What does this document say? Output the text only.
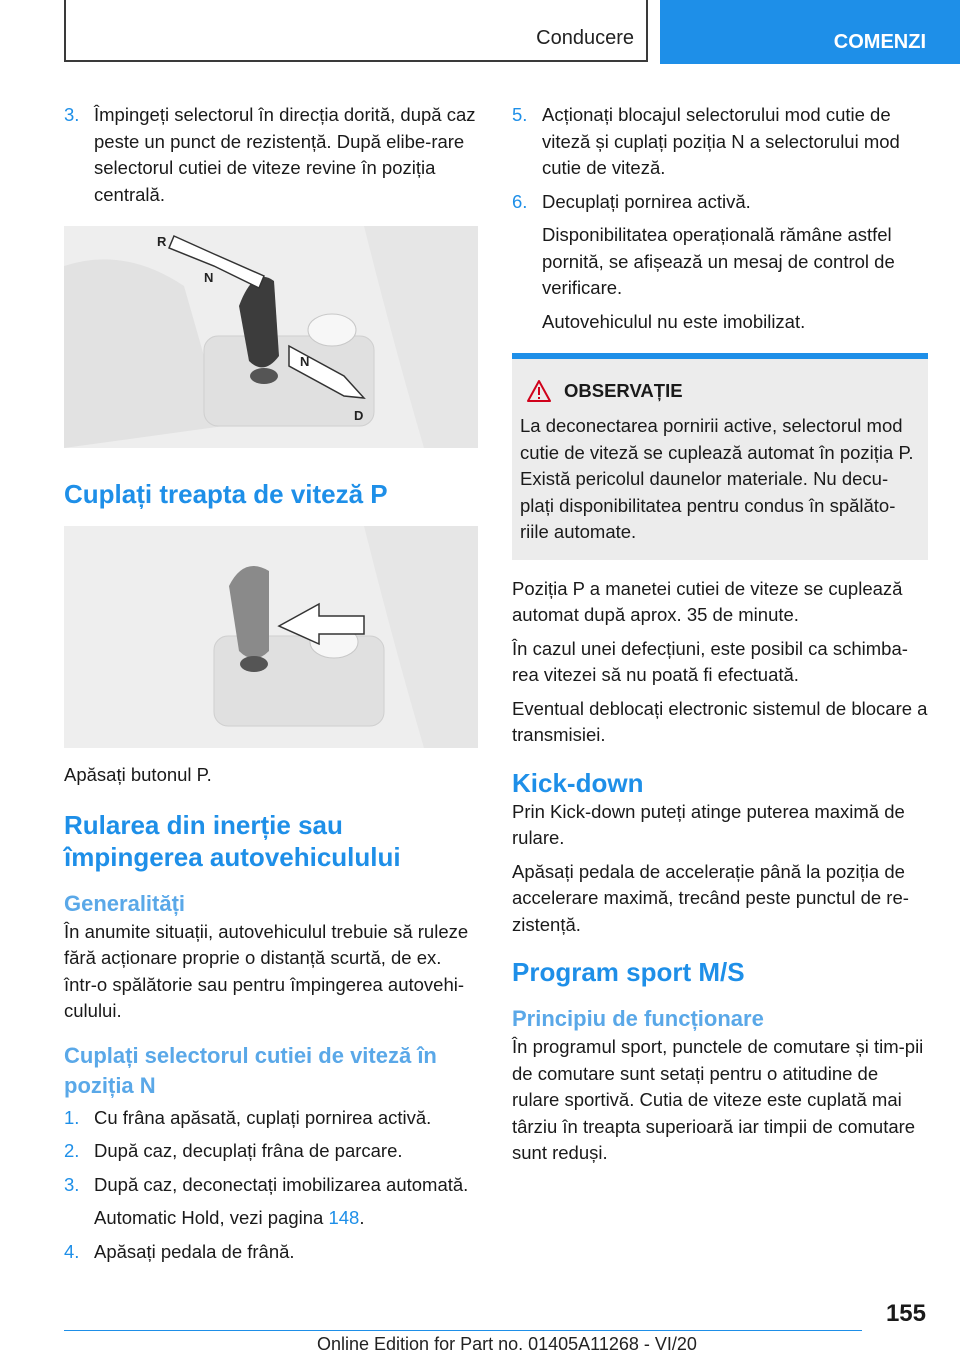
Conducere	COMENZI
3. Împingeți selectorul în direcția dorită, după caz peste un punct de rezistență. După elibe-rare selectorul cutiei de viteze revine în poziția centrală.
R
N
N
D
Cuplați treapta de viteză P

Apăsați butonul P.

Rularea din inerție sau împingerea autovehiculului
Generalități

În anumite situații, autovehiculul trebuie să ruleze fără acționare proprie o distanță scurtă, de ex. într-o spălătorie sau pentru împingerea autovehi-culului.

Cuplați selectorul cutiei de viteză în poziția N
1. Cu frâna apăsată, cuplați pornirea activă.
2. După caz, decuplați frâna de parcare.
3. După caz, deconectați imobilizarea automată.

Automatic Hold, vezi pagina 148.

4. Apăsați pedala de frână.
5. Acționați blocajul selectorului mod cutie de viteză și cuplați poziția N a selectorului mod cutie de viteză.
6. Decuplați pornirea activă.

Disponibilitatea operațională rămâne astfel pornită, se afișează un mesaj de control de verificare.

Autovehiculul nu este imobilizat.

OBSERVAȚIE

La deconectarea pornirii active, selectorul mod cutie de viteză se cuplează automat în poziția P. Există pericolul daunelor materiale. Nu decu-plați disponibilitatea pentru condus în spălăto-riile automate.

Poziția P a manetei cutiei de viteze se cuplează automat după aprox. 35 de minute.

În cazul unei defecțiuni, este posibil ca schimba-rea vitezei să nu poată fi efectuată.

Eventual deblocați electronic sistemul de blocare a transmisiei.

Kick-down

Prin Kick-down puteți atinge puterea maximă de rulare.

Apăsați pedala de accelerație până la poziția de accelerare maximă, trecând peste punctul de re-zistență.

Program sport M/S
Principiu de funcționare

În programul sport, punctele de comutare și tim-pii de comutare sunt setați pentru o atitudine de rulare sportivă. Cutia de viteze este cuplată mai târziu în treapta superioară iar timpii de comutare sunt reduși.

155
Online Edition for Part no. 01405A11268 - VI/20
